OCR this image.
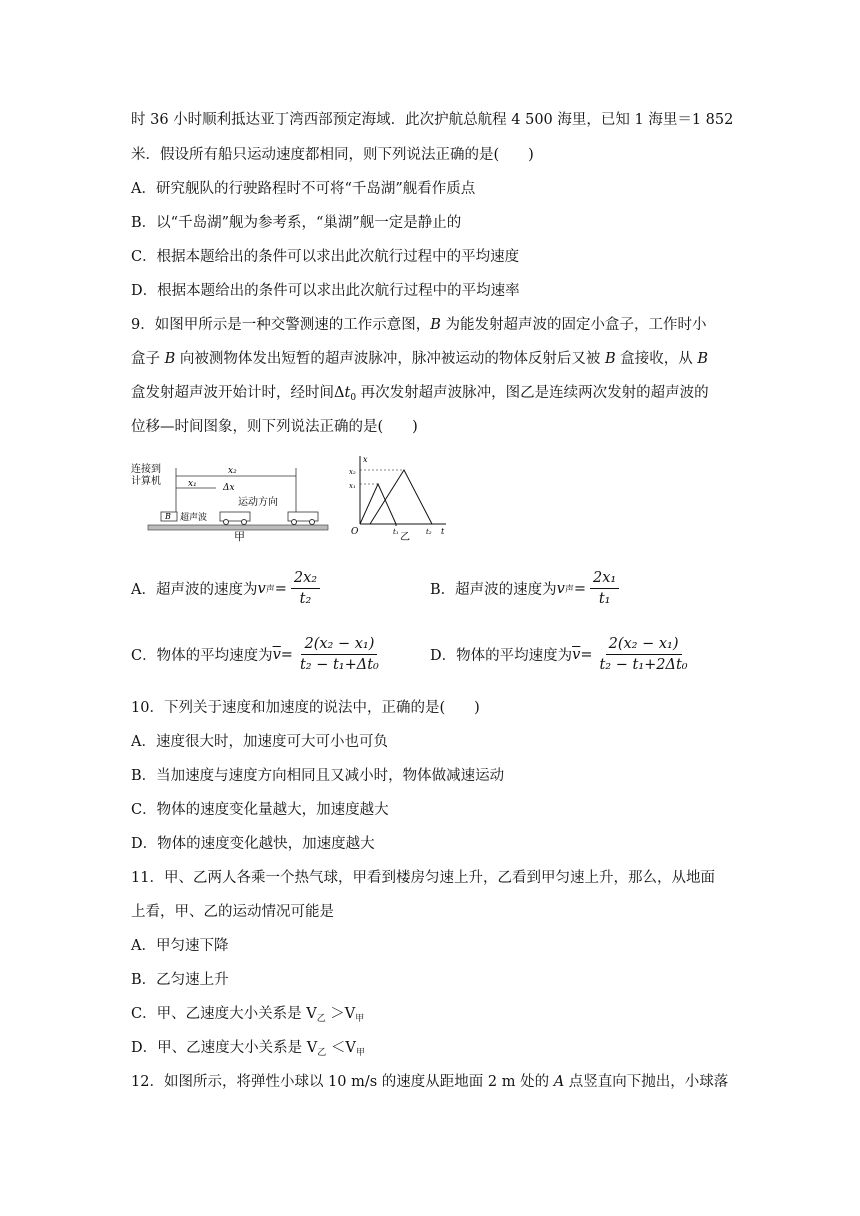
时 36 小时顺利抵达亚丁湾西部预定海域．此次护航总航程 4 500 海里，已知 1 海里＝1 852
米．假设所有船只运动速度都相同，则下列说法正确的是(　　)
A．研究舰队的行驶路程时不可将“千岛湖”舰看作质点
B．以“千岛湖”舰为参考系，“巢湖”舰一定是静止的
C．根据本题给出的条件可以求出此次航行过程中的平均速度
D．根据本题给出的条件可以求出此次航行过程中的平均速率
9．如图甲所示是一种交警测速的工作示意图，B 为能发射超声波的固定小盒子，工作时小
盒子 B 向被测物体发出短暂的超声波脉冲，脉冲被运动的物体反射后又被 B 盒接收，从 B
盒发射超声波开始计时，经时间$\Delta t_0$ 再次发射超声波脉冲，图乙是连续两次发射的超声波的
位移—时间图象，则下列说法正确的是(　　)
连接到
计算机
x₂
x₁	Δx
运动方向
B 超声波
甲
x
t
x₂
x₁
O	t₁	t₂
乙
A．超声波的速度为 v 声 = $\frac{\text{2x₂}}{\text{t₂}}$	B．超声波的速度为 v 声 = $\frac{\text{2x₁}}{\text{t₁}}$
C．物体的平均速度为 $\overline{v} = \frac{\text{2(x₂ − x₁)}}{\text{t₂ − t₁+Δt₀}}$	D．物体的平均速度为 $\overline{v} = \frac{\text{2(x₂ − x₁)}}{\text{t₂ − t₁+2Δt₀}}$
10．下列关于速度和加速度的说法中，正确的是(　　)
A．速度很大时，加速度可大可小也可负
B．当加速度与速度方向相同且又减小时，物体做减速运动
C．物体的速度变化量越大，加速度越大
D．物体的速度变化越快，加速度越大
11．甲、乙两人各乘一个热气球，甲看到楼房匀速上升，乙看到甲匀速上升，那么，从地面
上看，甲、乙的运动情况可能是
A．甲匀速下降
B．乙匀速上升
C．甲、乙速度大小关系是 $V_乙 >V_甲$
D．甲、乙速度大小关系是 $V_乙 <V_甲$
12．如图所示，将弹性小球以 10 m/s 的速度从距地面 2 m 处的 A 点竖直向下抛出，小球落
